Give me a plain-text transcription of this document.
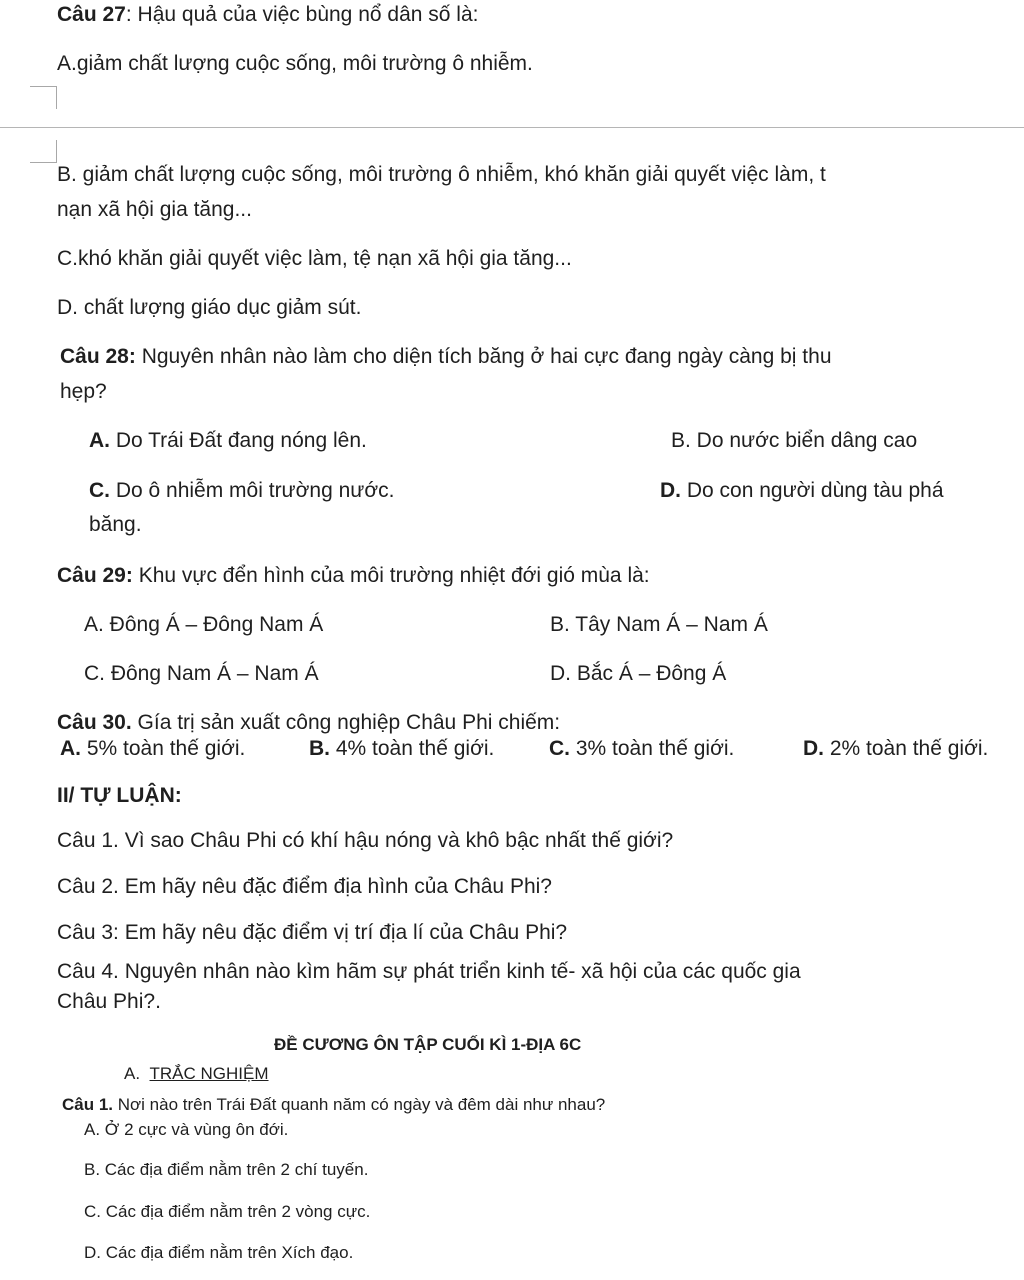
Câu 27: Hậu quả của việc bùng nổ dân số là:
A.giảm chất lượng cuộc sống, môi trường ô nhiễm.
B. giảm chất lượng cuộc sống, môi trường ô nhiễm, khó khăn giải quyết việc làm, t
nạn xã hội gia tăng...
C.khó khăn giải quyết việc làm, tệ nạn xã hội gia tăng...
D. chất lượng giáo dục giảm sút.
Câu 28: Nguyên nhân nào làm cho diện tích băng ở hai cực đang ngày càng bị thu
hẹp?
A. Do Trái Đất đang nóng lên.	B. Do nước biển dâng cao
C. Do ô nhiễm môi trường nước.	D. Do con người dùng tàu phá
băng.
Câu 29: Khu vực đển hình của môi trường nhiệt đới gió mùa là:
A. Đông Á – Đông Nam Á	B. Tây Nam Á – Nam Á
C. Đông Nam Á – Nam Á	D. Bắc Á – Đông Á
Câu 30. Gía trị sản xuất công nghiệp Châu Phi chiếm:
A. 5% toàn thế giới.	B. 4% toàn thế giới.	C. 3% toàn thế giới.	D. 2% toàn thế giới.
II/ TỰ LUẬN:
Câu 1. Vì sao Châu Phi có khí hậu nóng và khô bậc nhất thế giới?
Câu 2. Em hãy nêu đặc điểm địa hình của Châu Phi?
Câu 3: Em hãy nêu đặc điểm vị trí địa lí của Châu Phi?
Câu 4. Nguyên nhân nào kìm hãm sự phát triển kinh tế- xã hội của các quốc gia
Châu Phi?.
ĐỀ CƯƠNG ÔN TẬP CUỐI KÌ 1-ĐỊA 6C
A. TRẮC NGHIỆM
Câu 1. Nơi nào trên Trái Đất quanh năm có ngày và đêm dài như nhau?
A. Ở 2 cực và vùng ôn đới.
B. Các địa điểm nằm trên 2 chí tuyến.
C. Các địa điểm nằm trên 2 vòng cực.
D. Các địa điểm nằm trên Xích đạo.
